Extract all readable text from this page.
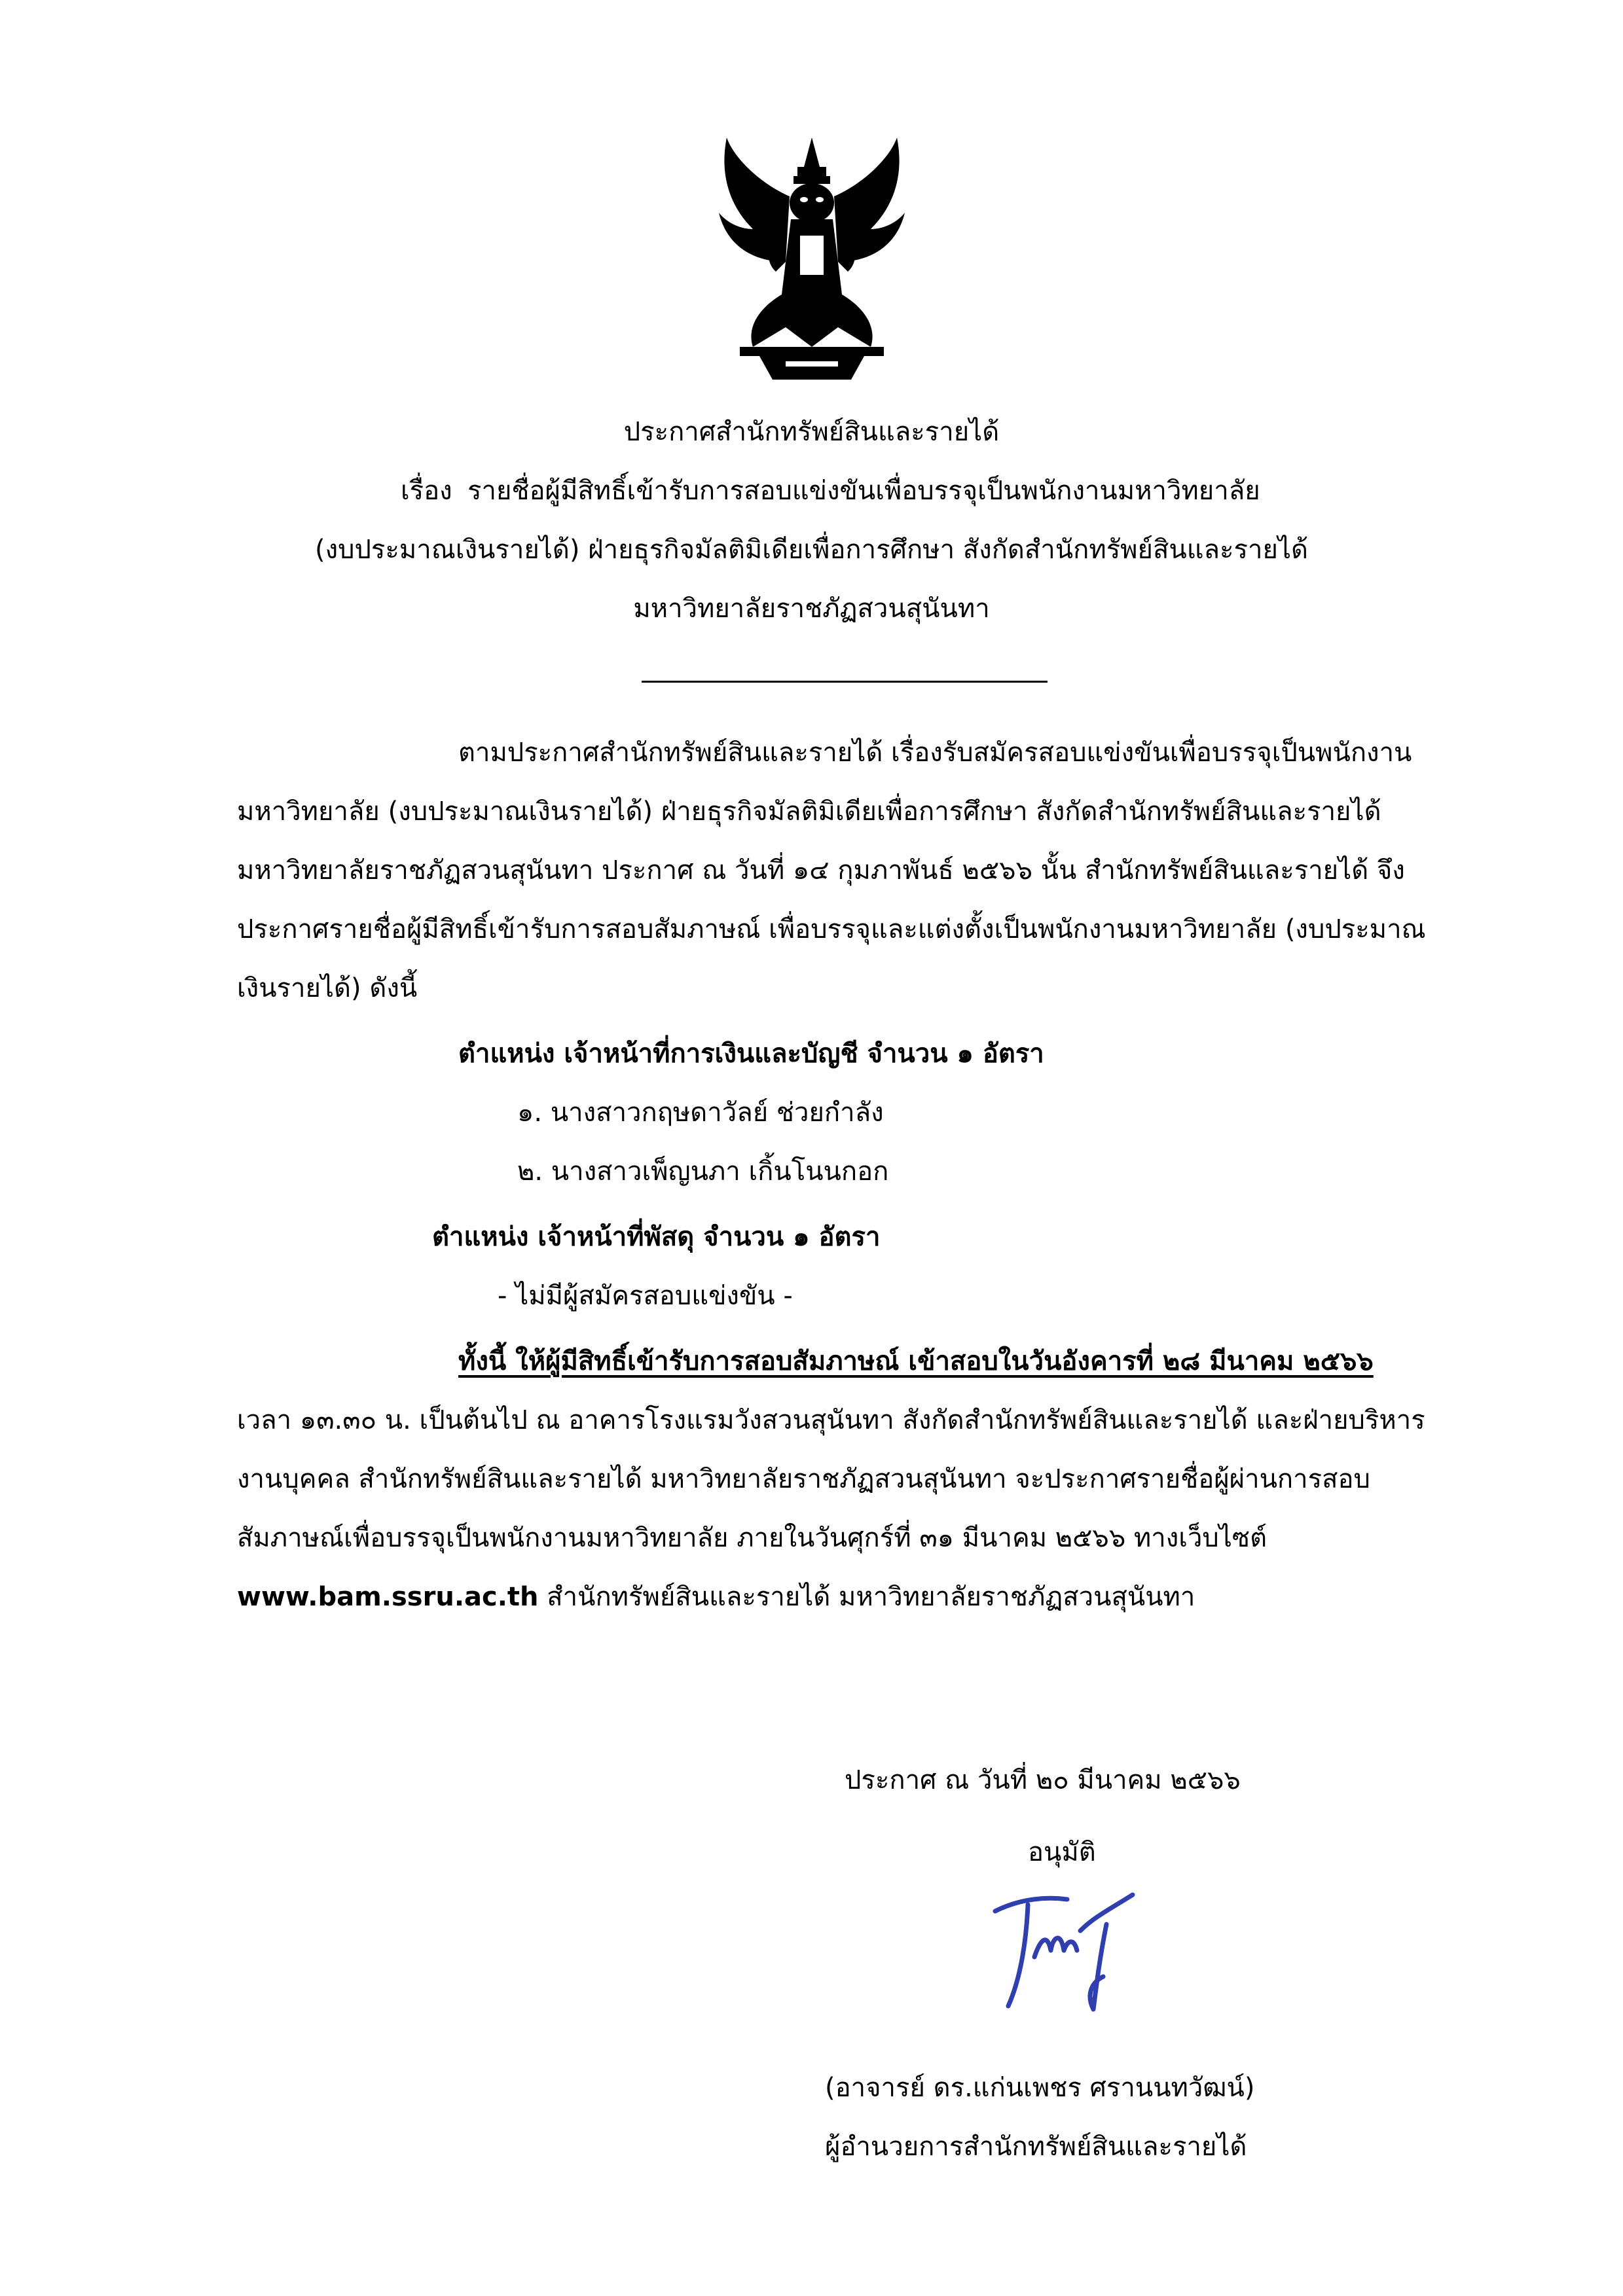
ประกาศสำนักทรัพย์สินและรายได้
เรื่อง รายชื่อผู้มีสิทธิ์เข้ารับการสอบแข่งขันเพื่อบรรจุเป็นพนักงานมหาวิทยาลัย
(งบประมาณเงินรายได้) ฝ่ายธุรกิจมัลติมิเดียเพื่อการศึกษา สังกัดสำนักทรัพย์สินและรายได้
มหาวิทยาลัยราชภัฏสวนสุนันทา
ตามประกาศสำนักทรัพย์สินและรายได้ เรื่องรับสมัครสอบแข่งขันเพื่อบรรจุเป็นพนักงาน
มหาวิทยาลัย (งบประมาณเงินรายได้) ฝ่ายธุรกิจมัลติมิเดียเพื่อการศึกษา สังกัดสำนักทรัพย์สินและรายได้
มหาวิทยาลัยราชภัฏสวนสุนันทา ประกาศ ณ วันที่ ๑๔ กุมภาพันธ์ ๒๕๖๖ นั้น สำนักทรัพย์สินและรายได้ จึง
ประกาศรายชื่อผู้มีสิทธิ์เข้ารับการสอบสัมภาษณ์ เพื่อบรรจุและแต่งตั้งเป็นพนักงานมหาวิทยาลัย (งบประมาณ
เงินรายได้) ดังนี้
ตำแหน่ง เจ้าหน้าที่การเงินและบัญชี จำนวน ๑ อัตรา
๑. นางสาวกฤษดาวัลย์ ช่วยกำลัง
๒. นางสาวเพ็ญนภา เกิ้นโนนกอก
ตำแหน่ง เจ้าหน้าที่พัสดุ จำนวน ๑ อัตรา
- ไม่มีผู้สมัครสอบแข่งขัน -
ทั้งนี้ ให้ผู้มีสิทธิ์เข้ารับการสอบสัมภาษณ์ เข้าสอบในวันอังคารที่ ๒๘ มีนาคม ๒๕๖๖
เวลา ๑๓.๓๐ น. เป็นต้นไป ณ อาคารโรงแรมวังสวนสุนันทา สังกัดสำนักทรัพย์สินและรายได้ และฝ่ายบริหาร
งานบุคคล สำนักทรัพย์สินและรายได้ มหาวิทยาลัยราชภัฏสวนสุนันทา จะประกาศรายชื่อผู้ผ่านการสอบ
สัมภาษณ์เพื่อบรรจุเป็นพนักงานมหาวิทยาลัย ภายในวันศุกร์ที่ ๓๑ มีนาคม ๒๕๖๖ ทางเว็บไซต์
www.bam.ssru.ac.th สำนักทรัพย์สินและรายได้ มหาวิทยาลัยราชภัฏสวนสุนันทา
ประกาศ ณ วันที่ ๒๐ มีนาคม ๒๕๖๖
อนุมัติ
(อาจารย์ ดร.แก่นเพชร ศรานนทวัฒน์)
ผู้อำนวยการสำนักทรัพย์สินและรายได้
